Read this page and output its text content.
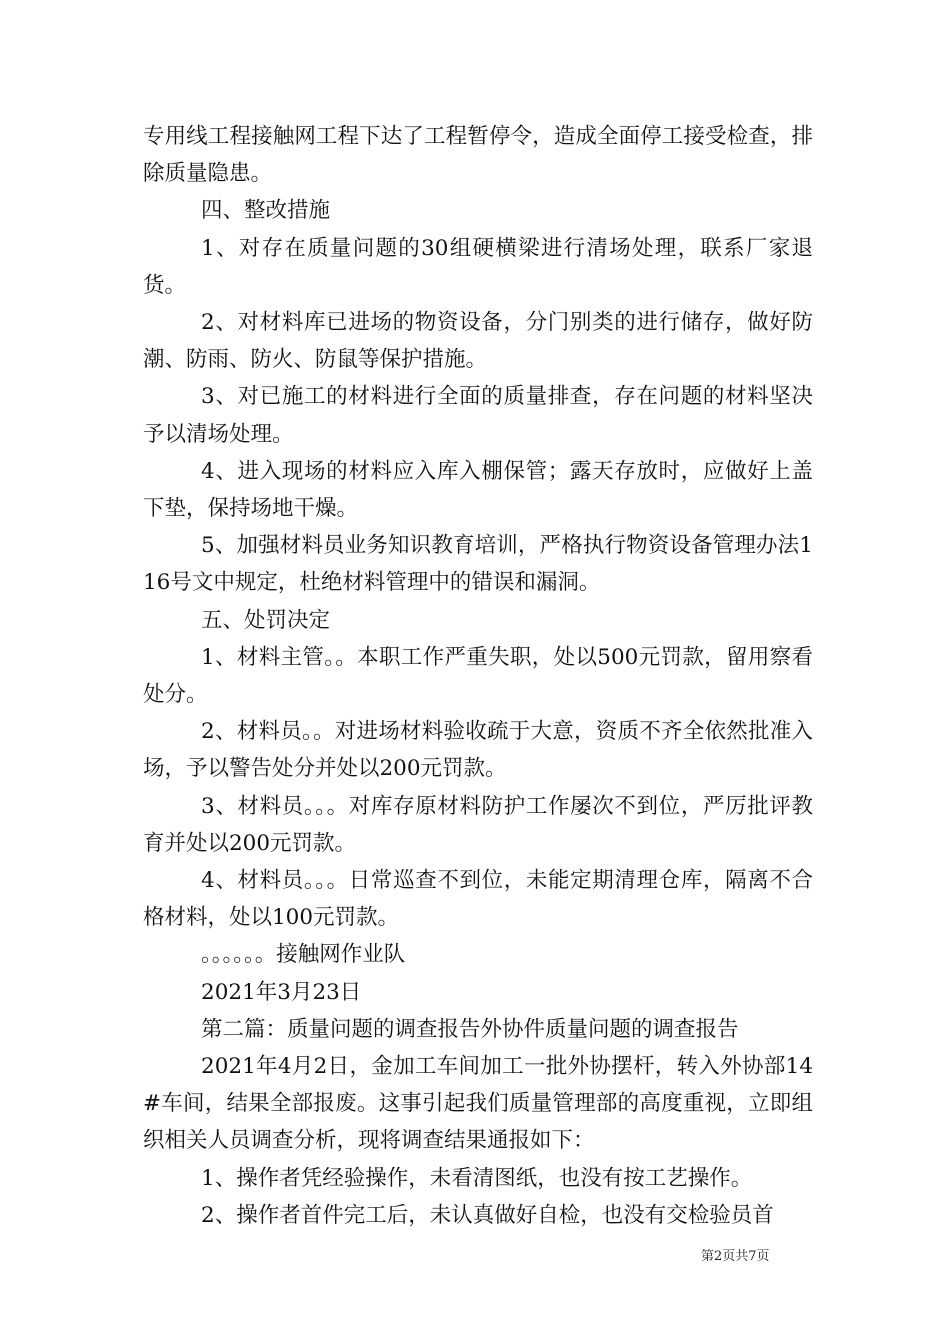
专用线工程接触网工程下达了工程暂停令，造成全面停工接受检查，排除质量隐患。

四、整改措施

1、对存在质量问题的30组硬横梁进行清场处理，联系厂家退货。

2、对材料库已进场的物资设备，分门别类的进行储存，做好防潮、防雨、防火、防鼠等保护措施。

3、对已施工的材料进行全面的质量排查，存在问题的材料坚决予以清场处理。

4、进入现场的材料应入库入棚保管；露天存放时，应做好上盖下垫，保持场地干燥。

5、加强材料员业务知识教育培训，严格执行物资设备管理办法116号文中规定，杜绝材料管理中的错误和漏洞。

五、处罚决定

1、材料主管。。本职工作严重失职，处以500元罚款，留用察看处分。

2、材料员。。对进场材料验收疏于大意，资质不齐全依然批准入场，予以警告处分并处以200元罚款。

3、材料员。。。对库存原材料防护工作屡次不到位，严厉批评教育并处以200元罚款。

4、材料员。。。日常巡查不到位，未能定期清理仓库，隔离不合格材料，处以100元罚款。

。。。。。。接触网作业队

2021年3月23日

第二篇：质量问题的调查报告外协件质量问题的调查报告

2021年4月2日，金加工车间加工一批外协摆杆，转入外协部14#车间，结果全部报废。这事引起我们质量管理部的高度重视，立即组织相关人员调查分析，现将调查结果通报如下：

1、操作者凭经验操作，未看清图纸，也没有按工艺操作。

2、操作者首件完工后，未认真做好自检，也没有交检验员首

第2页共7页
